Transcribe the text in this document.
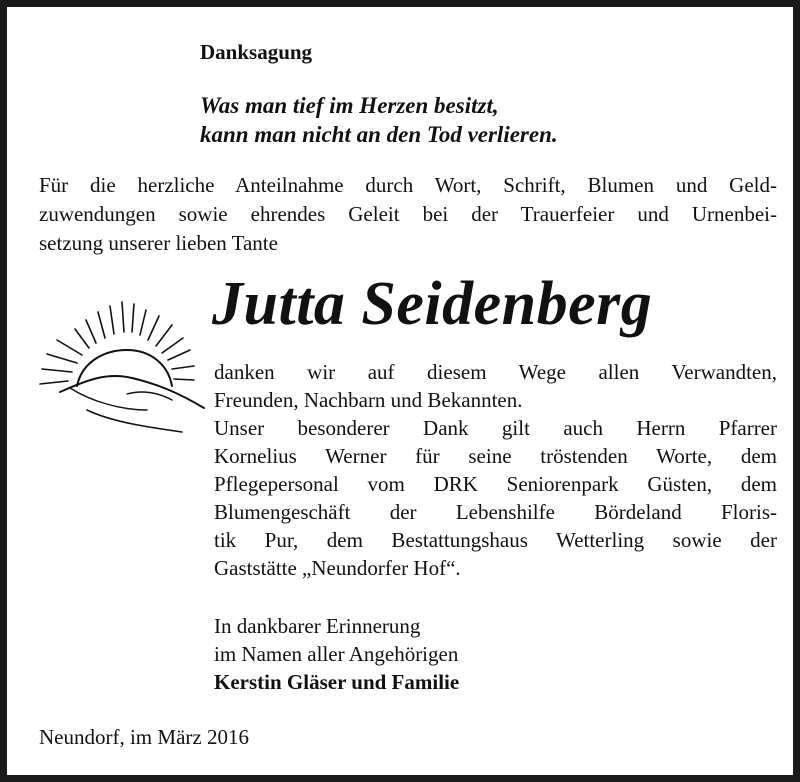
Danksagung

Was man tief im Herzen besitzt,
kann man nicht an den Tod verlieren.
Für die herzliche Anteilnahme durch Wort, Schrift, Blumen und Geld-
zuwendungen sowie ehrendes Geleit bei der Trauerfeier und Urnenbei-
setzung unserer lieben Tante

Jutta Seidenberg

danken wir auf diesem Wege allen Verwandten,
Freunden, Nachbarn und Bekannten.
Unser besonderer Dank gilt auch Herrn Pfarrer
Kornelius Werner für seine tröstenden Worte, dem
Pflegepersonal vom DRK Seniorenpark Güsten, dem
Blumengeschäft der Lebenshilfe Bördeland Floris-
tik Pur, dem Bestattungshaus Wetterling sowie der
Gaststätte „Neundorfer Hof“.
In dankbarer Erinnerung
im Namen aller Angehörigen
Kerstin Gläser und Familie

Neundorf, im März 2016
